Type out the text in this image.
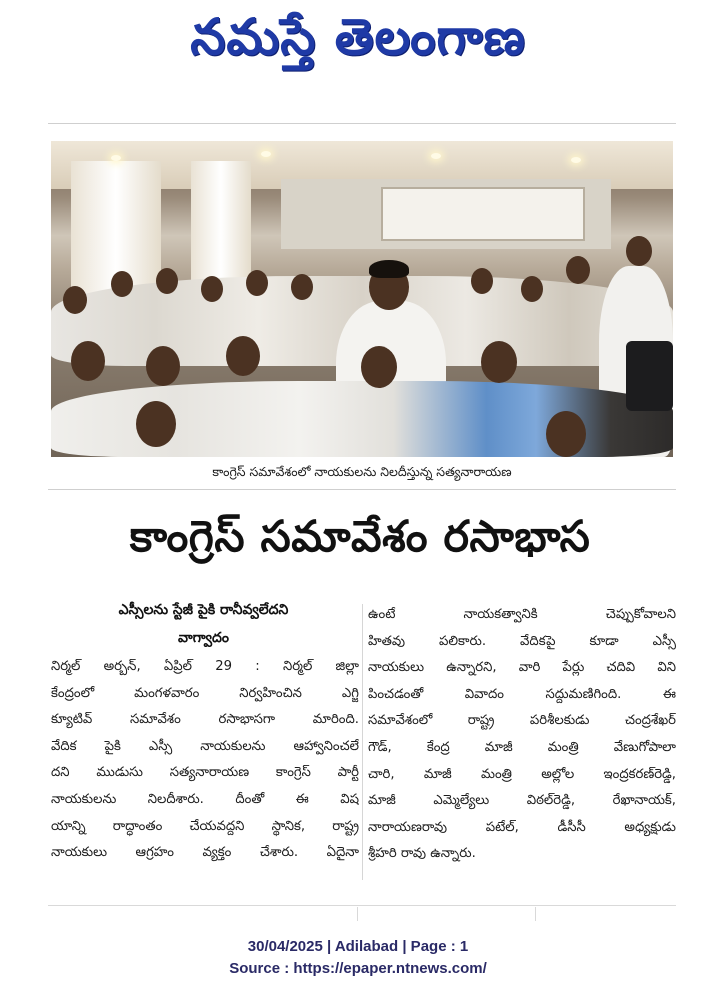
నమస్తే తెలంగాణ
కాంగ్రెస్ సమావేశంలో నాయకులను నిలదీస్తున్న సత్యనారాయణ
కాంగ్రెస్ సమావేశం రసాభాస
ఎస్సీలను స్టేజీ పైకి రానీవ్వలేదని
వాగ్వాదం
నిర్మల్ అర్బన్, ఏప్రిల్ 29 : నిర్మల్ జిల్లా
కేంద్రంలో మంగళవారం నిర్వహించిన ఎగ్జి
క్యూటివ్ సమావేశం రసాభాసగా మారింది.
వేదిక పైకి ఎస్సీ నాయకులను ఆహ్వానించలే
దని ముడుసు సత్యనారాయణ కాంగ్రెస్ పార్టీ
నాయకులను నిలదీశారు. దీంతో ఈ విష
యాన్ని రాద్ధాంతం చేయవద్దని స్థానిక, రాష్ట్ర
నాయకులు ఆగ్రహం వ్యక్తం చేశారు. ఏదైనా
ఉంటే నాయకత్వానికి చెప్పుకోవాలని
హితవు పలికారు. వేదికపై కూడా ఎస్సీ
నాయకులు ఉన్నారని, వారి పేర్లు చదివి విని
పించడంతో వివాదం సద్దుమణిగింది. ఈ
సమావేశంలో రాష్ట్ర పరిశీలకుడు చంద్రశేఖర్
గౌడ్, కేంద్ర మాజీ మంత్రి వేణుగోపాలా
చారి, మాజీ మంత్రి అల్లోల ఇంద్రకరణ్‌రెడ్డి,
మాజీ ఎమ్మెల్యేలు విఠల్‌రెడ్డి, రేఖానాయక్,
నారాయణరావు పటేల్, డీసీసీ అధ్యక్షుడు
శ్రీహరి రావు ఉన్నారు.
30/04/2025 | Adilabad | Page : 1
Source : https://epaper.ntnews.com/
